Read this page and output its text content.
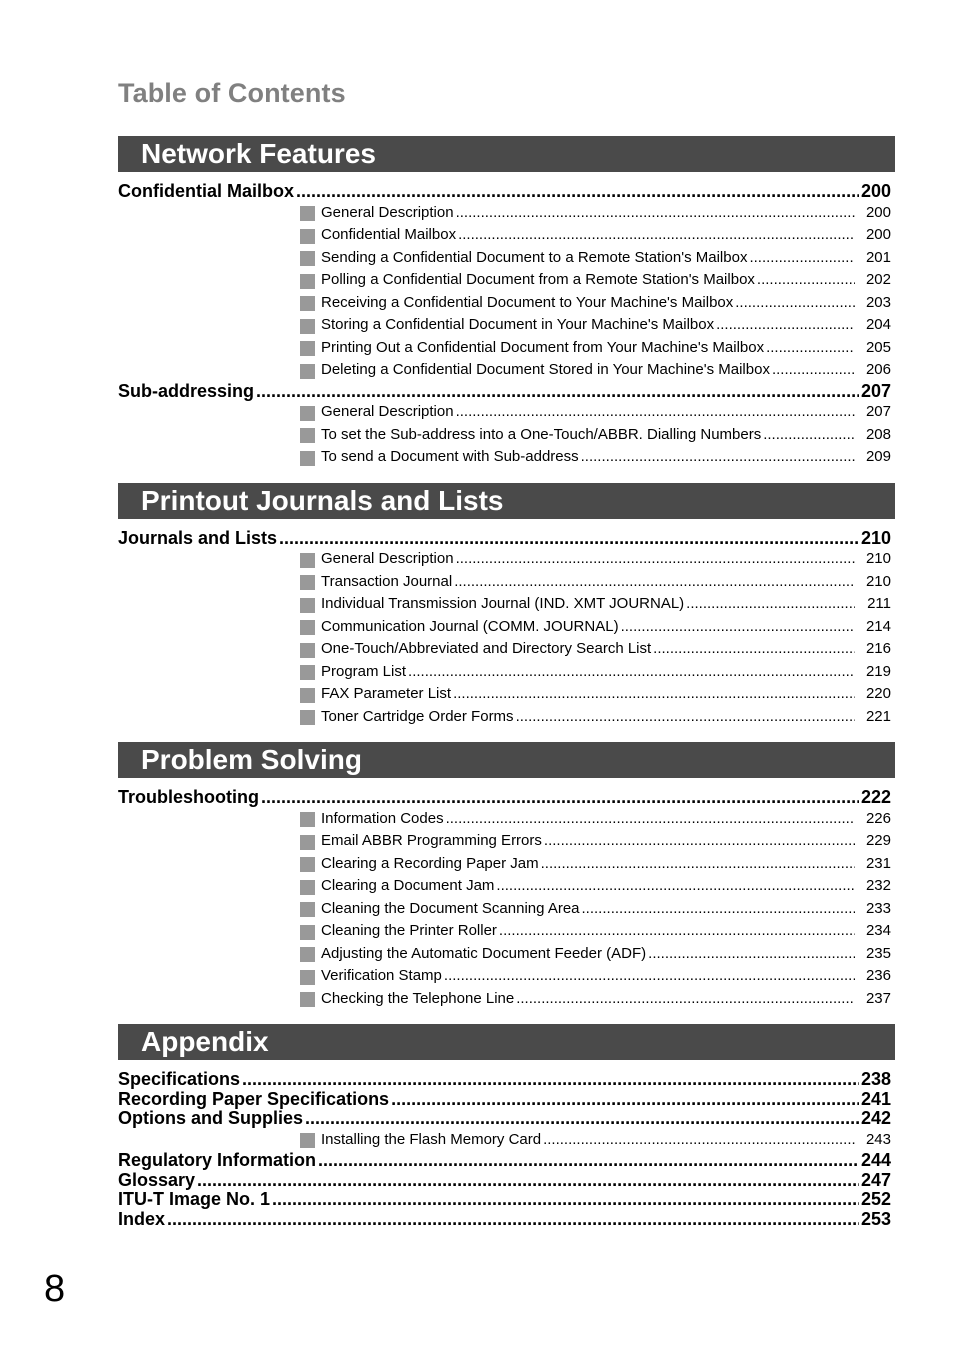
Table of Contents
Network Features
Confidential Mailbox .....	200
General Description .....	200
Confidential Mailbox .....	200
Sending a Confidential Document to a Remote Station's Mailbox .....	201
Polling a Confidential Document from a Remote Station's Mailbox .....	202
Receiving a Confidential Document to Your Machine's Mailbox .....	203
Storing a Confidential Document in Your Machine's Mailbox .....	204
Printing Out a Confidential Document from Your Machine's Mailbox .....	205
Deleting a Confidential Document Stored in Your Machine's Mailbox .....	206
Sub-addressing .....	207
General Description .....	207
To set the Sub-address into a One-Touch/ABBR. Dialling Numbers .....	208
To send a Document with Sub-address .....	209
Printout Journals and Lists
Journals and Lists .....	210
General Description .....	210
Transaction Journal .....	210
Individual Transmission Journal (IND. XMT JOURNAL) .....	211
Communication Journal (COMM. JOURNAL) .....	214
One-Touch/Abbreviated and Directory Search List .....	216
Program List .....	219
FAX Parameter List .....	220
Toner Cartridge Order Forms .....	221
Problem Solving
Troubleshooting .....	222
Information Codes .....	226
Email ABBR Programming Errors .....	229
Clearing a Recording Paper Jam .....	231
Clearing a Document Jam .....	232
Cleaning the Document Scanning Area .....	233
Cleaning the Printer Roller .....	234
Adjusting the Automatic Document Feeder (ADF) .....	235
Verification Stamp .....	236
Checking the Telephone Line .....	237
Appendix
Specifications .....	238
Recording Paper Specifications .....	241
Options and Supplies .....	242
Installing the Flash Memory Card .....	243
Regulatory Information .....	244
Glossary .....	247
ITU-T Image No. 1 .....	252
Index .....	253
8
